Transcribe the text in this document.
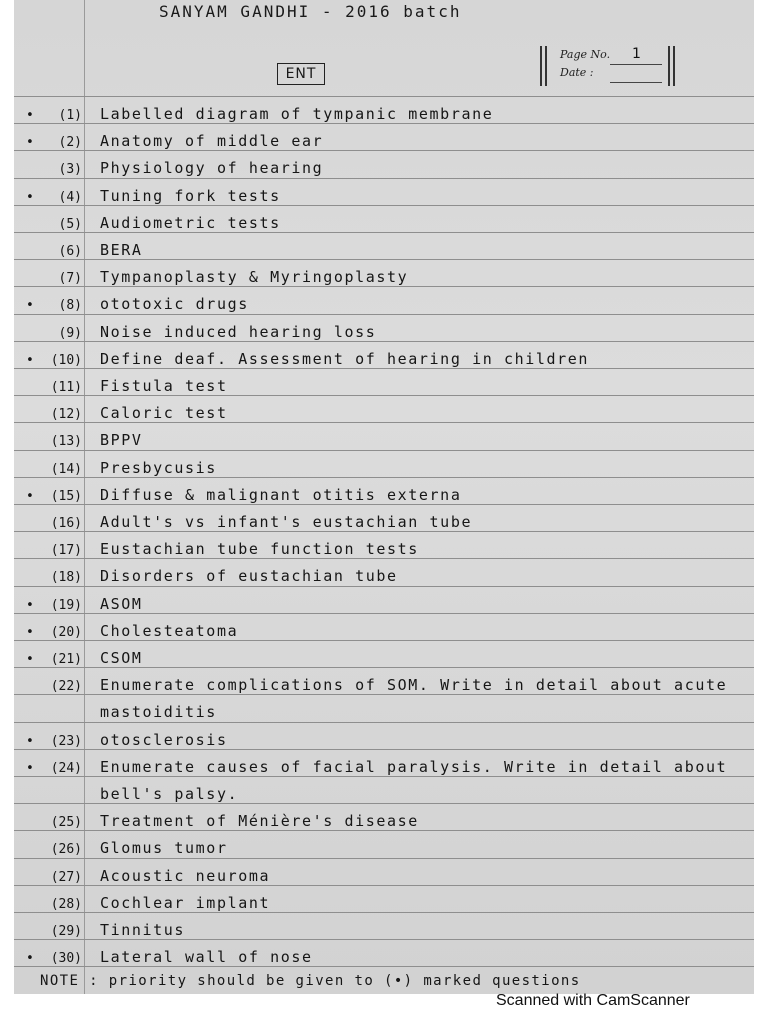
SANYAM GANDHI - 2016 batch
ENT
Page No. 1
Date :
•	(1) Labelled diagram of tympanic membrane
•	(2) Anatomy of middle ear
(3) Physiology of hearing
•	(4) Tuning fork tests
(5) Audiometric tests
(6) BERA
(7) Tympanoplasty & Myringoplasty
•	(8) ototoxic drugs
(9) Noise induced hearing loss
•	(10) Define deaf. Assessment of hearing in children
(11) Fistula test
(12) Caloric test
(13) BPPV
(14) Presbycusis
•	(15) Diffuse & malignant otitis externa
(16) Adult's vs infant's eustachian tube
(17) Eustachian tube function tests
(18) Disorders of eustachian tube
•	(19) ASOM
•	(20) Cholesteatoma
•	(21) CSOM
(22) Enumerate complications of SOM. Write in detail about acute
mastoiditis
•	(23) otosclerosis
•	(24) Enumerate causes of facial paralysis. Write in detail about
bell's palsy.
(25) Treatment of Ménière's disease
(26) Glomus tumor
(27) Acoustic neuroma
(28) Cochlear implant
(29) Tinnitus
•	(30) Lateral wall of nose
NOTE : priority should be given to (•) marked questions
Scanned with CamScanner
